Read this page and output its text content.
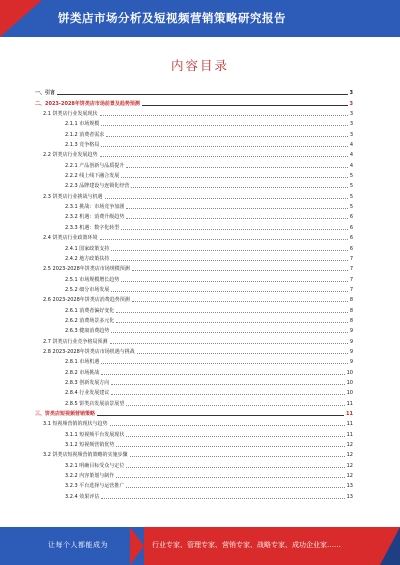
饼类店市场分析及短视频营销策略研究报告
内容目录
一、引言	3
二、2023-2028年饼类店市场前景及趋势预测	3
2.1 饼类店行业发展现状	3
2.1.1 市场规模	3
2.1.2 消费者需求	3
2.1.3 竞争格局	4
2.2 饼类店行业发展趋势	4
2.2.1 产品创新与品质提升	4
2.2.2 线上线下融合发展	5
2.2.3 品牌建设与连锁化经营	5
2.3 饼类店行业挑战与机遇	5
2.3.1 挑战：市场竞争加剧	5
2.3.2 机遇：消费升级趋势	6
2.3.3 机遇：数字化转型	6
2.4 饼类店行业政策环境	6
2.4.1 国家政策支持	6
2.4.2 地方政策扶持	7
2.5 2023-2028年饼类店市场规模预测	7
2.5.1 市场规模增长趋势	7
2.5.2 细分市场发展	7
2.6 2023-2028年饼类店消费趋势预测	8
2.6.1 消费者偏好变化	8
2.6.2 消费场景多元化	8
2.6.3 健康消费趋势	9
2.7 饼类店行业竞争格局预测	9
2.8 2023-2028年饼类店市场机遇与挑战	9
2.8.1 市场机遇	9
2.8.2 市场挑战	10
2.8.3 创新发展方向	10
2.8.4 行业发展建议	10
2.8.5 饼类店发展前景展望	11
三、饼类店短视频营销策略	11
3.1 短视频营销的现状与趋势	11
3.1.1 短视频平台发展现状	11
3.1.2 短视频营销优势	12
3.2 饼类店短视频营销策略的实施步骤	12
3.2.1 明确目标受众与定位	12
3.2.2 内容策划与制作	12
3.2.3 平台选择与运营推广	13
3.2.4 效果评估	13
让每个人都能成为	行业专家、管理专家、营销专家、战略专家、成功企业家……
